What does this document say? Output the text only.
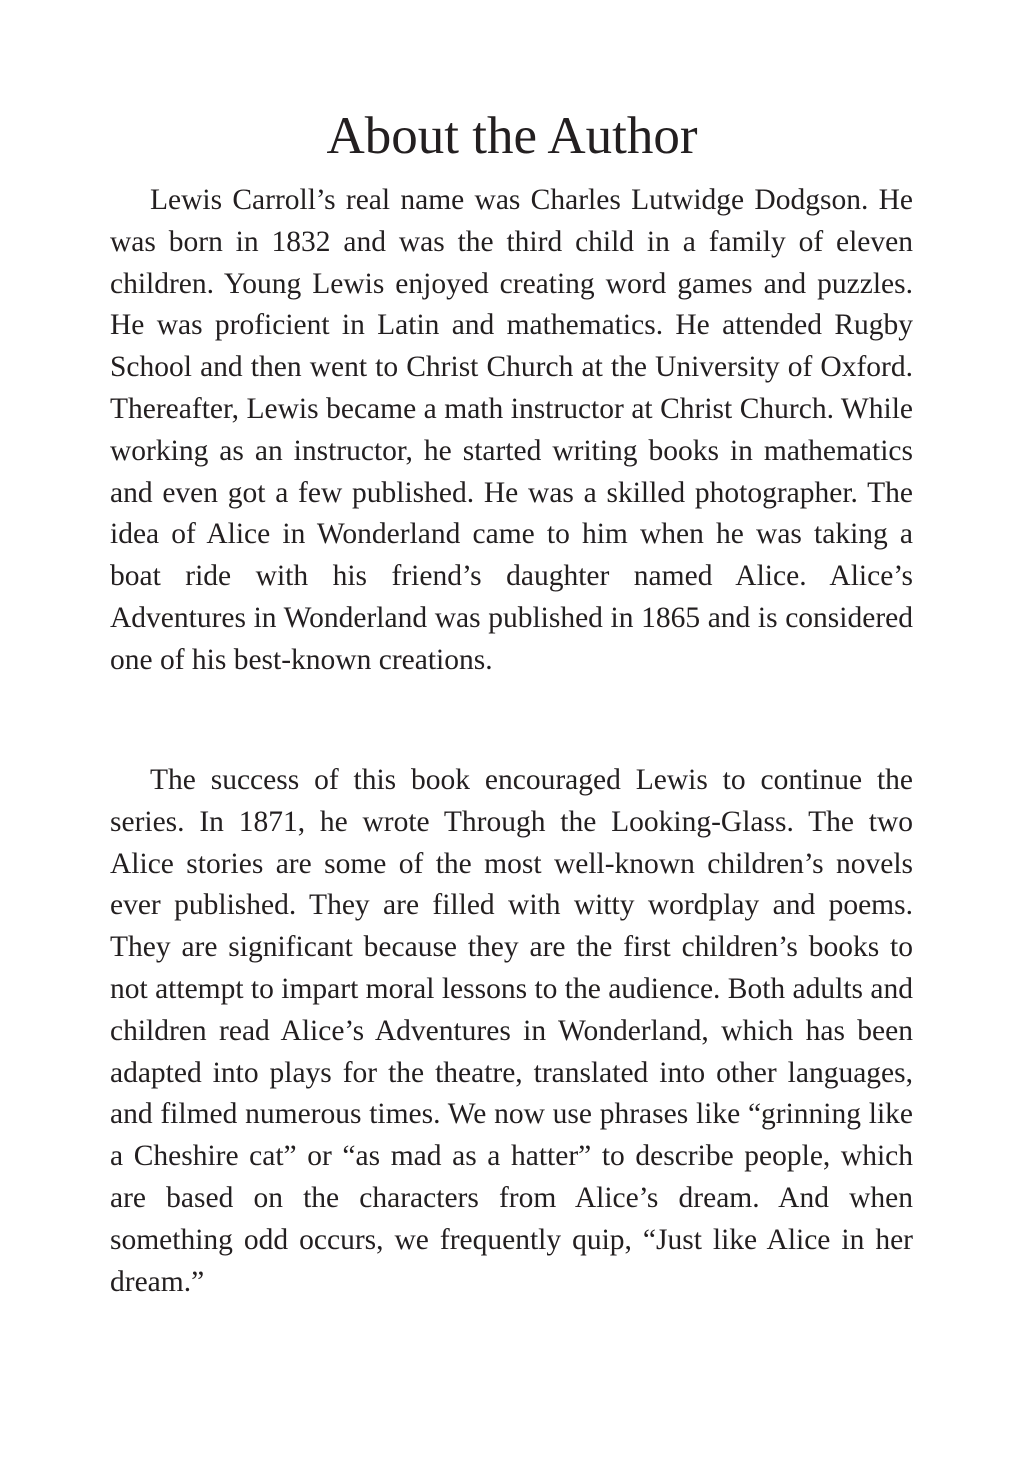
About the Author

Lewis Carroll’s real name was Charles Lutwidge Dodgson. He was born in 1832 and was the third child in a family of eleven children. Young Lewis enjoyed creating word games and puzzles. He was proficient in Latin and mathematics. He attended Rugby School and then went to Christ Church at the University of Oxford. Thereafter, Lewis became a math instructor at Christ Church. While working as an instructor, he started writing books in mathematics and even got a few published. He was a skilled photographer. The idea of Alice in Wonderland came to him when he was taking a boat ride with his friend’s daughter named Alice. Alice’s Adventures in Wonderland was published in 1865 and is considered one of his best-known creations.

The success of this book encouraged Lewis to continue the series. In 1871, he wrote Through the Looking-Glass. The two Alice stories are some of the most well-known children’s novels ever published. They are filled with witty wordplay and poems. They are significant because they are the first children’s books to not attempt to impart moral lessons to the audience. Both adults and children read Alice’s Adventures in Wonderland, which has been adapted into plays for the theatre, translated into other languages, and filmed numerous times. We now use phrases like “grinning like a Cheshire cat” or “as mad as a hatter” to describe people, which are based on the characters from Alice’s dream. And when something odd occurs, we frequently quip, “Just like Alice in her dream.”
